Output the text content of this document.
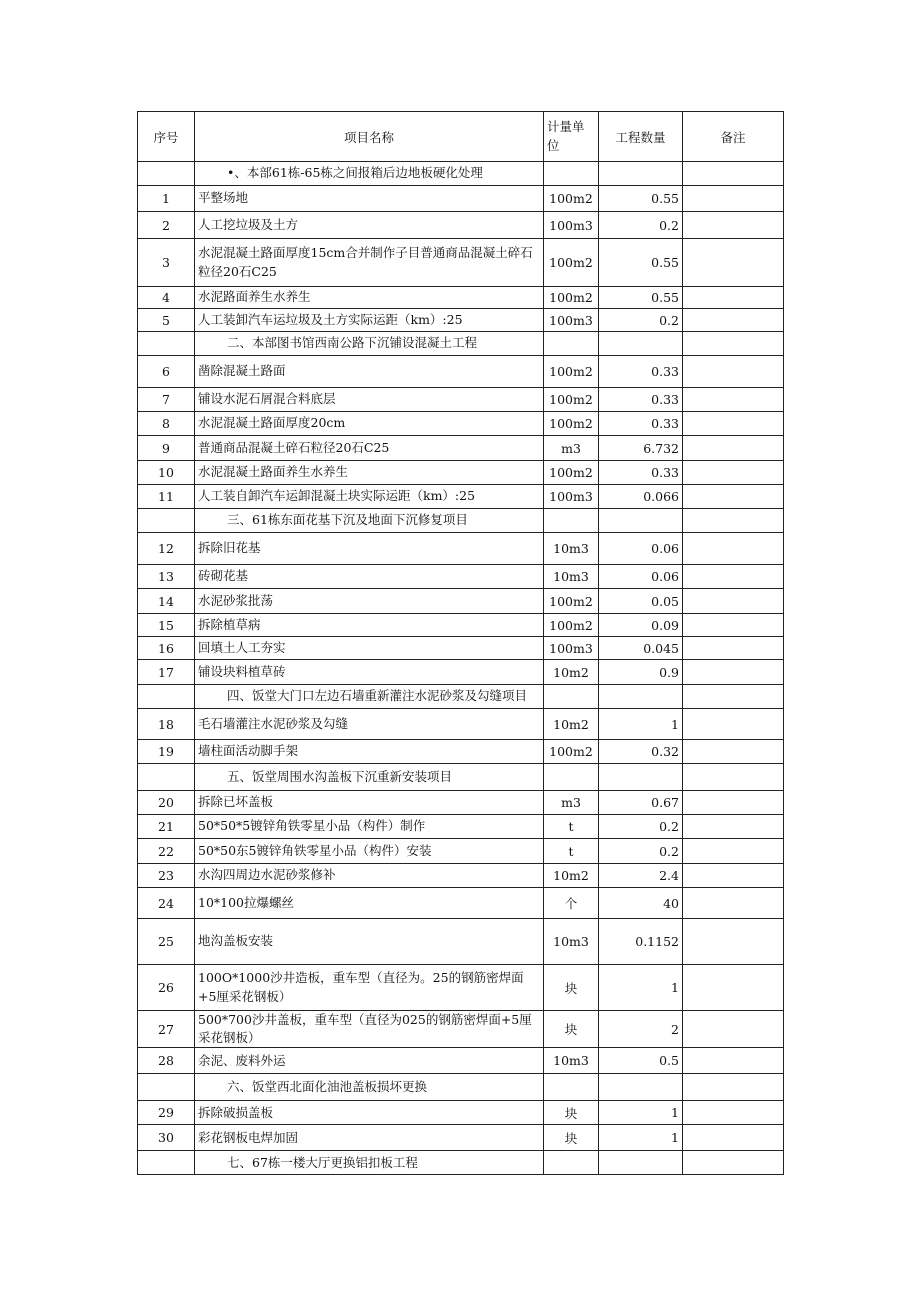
序号	项目名称	计量单位	工程数量	备注
	•、本部61栋-65栋之间报箱后边地板硬化处理			
1	平整场地	100m2	0.55	
2	人工挖垃圾及土方	100m3	0.2	
3	水泥混凝土路面厚度15cm合并制作子目普通商品混凝土碎石粒径20石C25	100m2	0.55	
4	水泥路面养生水养生	100m2	0.55	
5	人工装卸汽车运垃圾及土方实际运距（km）:25	100m3	0.2	
	二、本部图书馆西南公路下沉铺设混凝土工程			
6	凿除混凝土路面	100m2	0.33	
7	铺设水泥石屑混合料底层	100m2	0.33	
8	水泥混凝土路面厚度20cm	100m2	0.33	
9	普通商品混凝土碎石粒径20石C25	m3	6.732	
10	水泥混凝土路面养生水养生	100m2	0.33	
11	人工装自卸汽车运卸混凝土块实际运距（km）:25	100m3	0.066	
	三、61栋东面花基下沉及地面下沉修复项目			
12	拆除旧花基	10m3	0.06	
13	砖砌花基	10m3	0.06	
14	水泥砂浆批荡	100m2	0.05	
15	拆除植草病	100m2	0.09	
16	回填土人工夯实	100m3	0.045	
17	铺设块料植草砖	10m2	0.9	
	四、饭堂大门口左边石墙重新灌注水泥砂浆及勾缝项目			
18	毛石墙灌注水泥砂浆及勾缝	10m2	1	
19	墙柱面活动脚手架	100m2	0.32	
	五、饭堂周围水沟盖板下沉重新安装项目			
20	拆除已坏盖板	m3	0.67	
21	50*50*5镀锌角铁零星小品（构件）制作	t	0.2	
22	50*50东5镀锌角铁零星小品（构件）安装	t	0.2	
23	水沟四周边水泥砂浆修补	10m2	2.4	
24	10*100拉爆螺丝	个	40	
25	地沟盖板安装	10m3	0.1152	
26	100O*1000沙井造板，重车型（直径为。25的钢筋密焊面+5厘采花钢板）	块	1	
27	500*700沙井盖板，重车型（直径为025的钢筋密焊面+5厘采花钢板）	块	2	
28	余泥、废料外运	10m3	0.5	
	六、饭堂西北面化油池盖板损坏更换			
29	拆除破损盖板	块	1	
30	彩花钢板电焊加固	块	1	
	七、67栋一楼大厅更换铝扣板工程			
